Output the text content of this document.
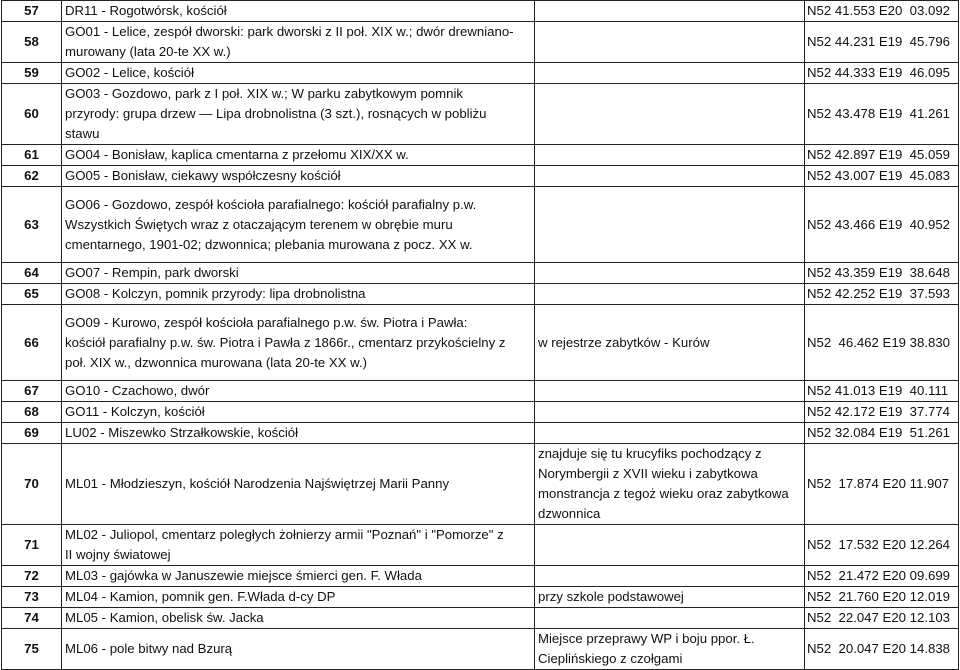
57	DR11 - Rogotwórsk, kościół		N52 41.553 E20  03.092
58	GO01 - Lelice, zespół dworski: park dworski z II poł. XIX w.; dwór drewniano-
murowany (lata 20-te XX w.)		N52 44.231 E19  45.796
59	GO02 - Lelice, kościół		N52 44.333 E19  46.095
60	GO03 - Gozdowo, park z I poł. XIX w.; W parku zabytkowym pomnik
przyrody: grupa drzew — Lipa drobnolistna (3 szt.), rosnących w pobliżu
stawu		N52 43.478 E19  41.261
61	GO04 - Bonisław, kaplica cmentarna z przełomu XIX/XX w.		N52 42.897 E19  45.059
62	GO05 - Bonisław, ciekawy współczesny kościół		N52 43.007 E19  45.083
63	GO06 - Gozdowo, zespół kościoła parafialnego: kościół parafialny p.w.
Wszystkich Świętych wraz z otaczającym terenem w obrębie muru
cmentarnego, 1901-02; dzwonnica; plebania murowana z pocz. XX w.		N52 43.466 E19  40.952
64	GO07 - Rempin, park dworski		N52 43.359 E19  38.648
65	GO08 - Kolczyn, pomnik przyrody: lipa drobnolistna		N52 42.252 E19  37.593
66	GO09 - Kurowo, zespół kościoła parafialnego p.w. św. Piotra i Pawła:
kościół parafialny p.w. św. Piotra i Pawła z 1866r., cmentarz przykościelny z
poł. XIX w., dzwonnica murowana (lata 20-te XX w.)	w rejestrze zabytków - Kurów	N52  46.462 E19 38.830
67	GO10 - Czachowo, dwór		N52 41.013 E19  40.111
68	GO11 - Kolczyn, kościół		N52 42.172 E19  37.774
69	LU02 - Miszewko Strzałkowskie, kościół		N52 32.084 E19  51.261
70	ML01 - Młodzieszyn, kościół Narodzenia Najświętrzej Marii Panny	znajduje się tu krucyfiks pochodzący z
Norymbergii z XVII wieku i zabytkowa
monstrancja z tegoż wieku oraz zabytkowa
dzwonnica	N52  17.874 E20 11.907
71	ML02 - Juliopol, cmentarz poległych żołnierzy armii "Poznań" i "Pomorze" z
II wojny światowej		N52  17.532 E20 12.264
72	ML03 - gajówka w Januszewie miejsce śmierci gen. F. Włada		N52  21.472 E20 09.699
73	ML04 - Kamion, pomnik gen. F.Włada d-cy DP	przy szkole podstawowej	N52  21.760 E20 12.019
74	ML05 - Kamion, obelisk św. Jacka		N52  22.047 E20 12.103
75	ML06 - pole bitwy nad Bzurą	Miejsce przeprawy WP i boju ppor. Ł.
Cieplińskiego z czołgami	N52  20.047 E20 14.838
